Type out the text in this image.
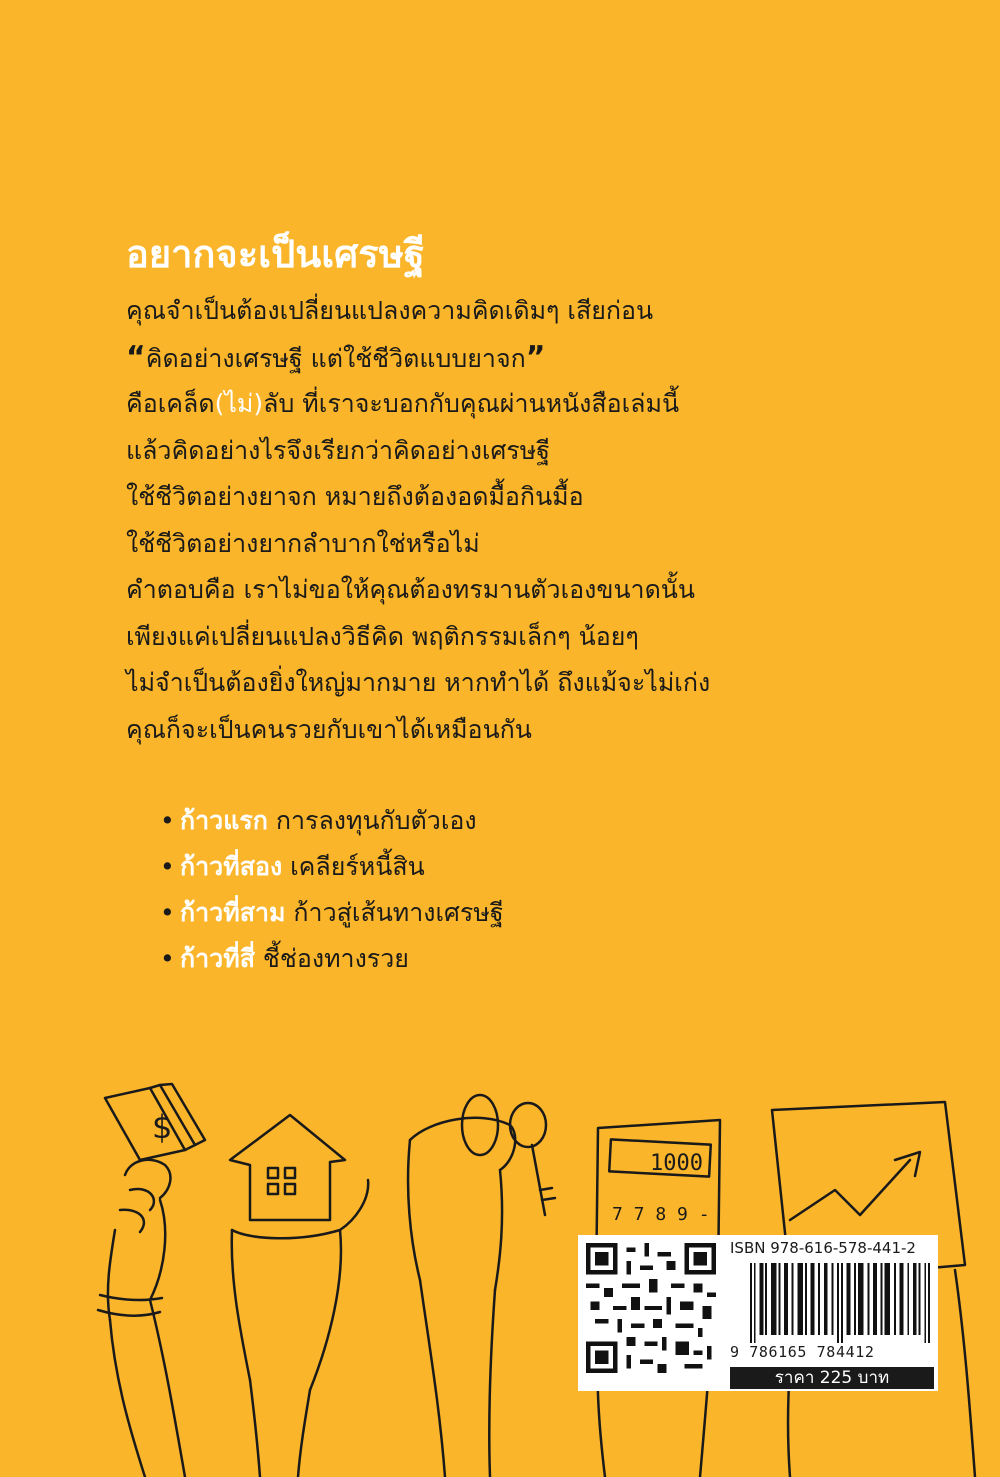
อยากจะเป็นเศรษฐี
คุณจำเป็นต้องเปลี่ยนแปลงความคิดเดิมๆ เสียก่อน
“คิดอย่างเศรษฐี แต่ใช้ชีวิตแบบยาจก”
คือเคล็ด(ไม่)ลับ ที่เราจะบอกกับคุณผ่านหนังสือเล่มนี้
แล้วคิดอย่างไรจึงเรียกว่าคิดอย่างเศรษฐี
ใช้ชีวิตอย่างยาจก หมายถึงต้องอดมื้อกินมื้อ
ใช้ชีวิตอย่างยากลำบากใช่หรือไม่
คำตอบคือ เราไม่ขอให้คุณต้องทรมานตัวเองขนาดนั้น
เพียงแค่เปลี่ยนแปลงวิธีคิด พฤติกรรมเล็กๆ น้อยๆ
ไม่จำเป็นต้องยิ่งใหญ่มากมาย หากทำได้ ถึงแม้จะไม่เก่ง
คุณก็จะเป็นคนรวยกับเขาได้เหมือนกัน
• ก้าวแรก การลงทุนกับตัวเอง
• ก้าวที่สอง เคลียร์หนี้สิน
• ก้าวที่สาม ก้าวสู่เส้นทางเศรษฐี
• ก้าวที่สี่ ชี้ช่องทางรวย
$
1000
7 7 8 9 -
ISBN 978-616-578-441-2
9 786165 784412
ราคา 225 บาท
